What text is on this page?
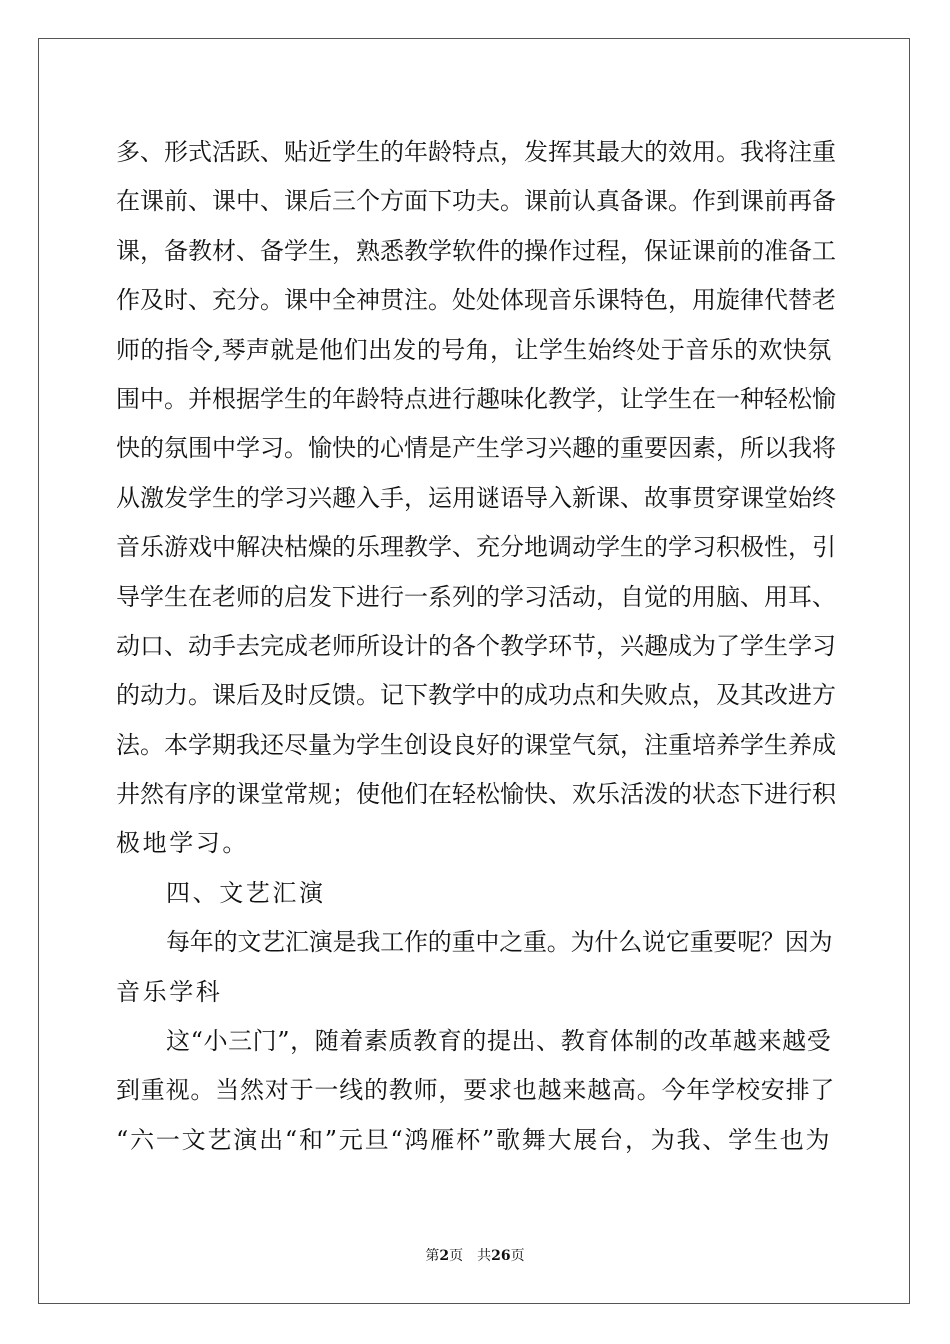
多、形式活跃、贴近学生的年龄特点，发挥其最大的效用。我将注重
在课前、课中、课后三个方面下功夫。课前认真备课。作到课前再备
课，备教材、备学生，熟悉教学软件的操作过程，保证课前的准备工
作及时、充分。课中全神贯注。处处体现音乐课特色，用旋律代替老
师的指令,琴声就是他们出发的号角，让学生始终处于音乐的欢快氛
围中。并根据学生的年龄特点进行趣味化教学，让学生在一种轻松愉
快的氛围中学习。愉快的心情是产生学习兴趣的重要因素，所以我将
从激发学生的学习兴趣入手，运用谜语导入新课、故事贯穿课堂始终
音乐游戏中解决枯燥的乐理教学、充分地调动学生的学习积极性，引
导学生在老师的启发下进行一系列的学习活动，自觉的用脑、用耳、
动口、动手去完成老师所设计的各个教学环节，兴趣成为了学生学习
的动力。课后及时反馈。记下教学中的成功点和失败点，及其改进方
法。本学期我还尽量为学生创设良好的课堂气氛，注重培养学生养成
井然有序的课堂常规；使他们在轻松愉快、欢乐活泼的状态下进行积
极地学习。
四、文艺汇演
每年的文艺汇演是我工作的重中之重。为什么说它重要呢？因为
音乐学科
这“小三门”，随着素质教育的提出、教育体制的改革越来越受
到重视。当然对于一线的教师，要求也越来越高。今年学校安排了
“六一文艺演出“和”元旦“鸿雁杯”歌舞大展台，为我、学生也为
第2页 共26页
